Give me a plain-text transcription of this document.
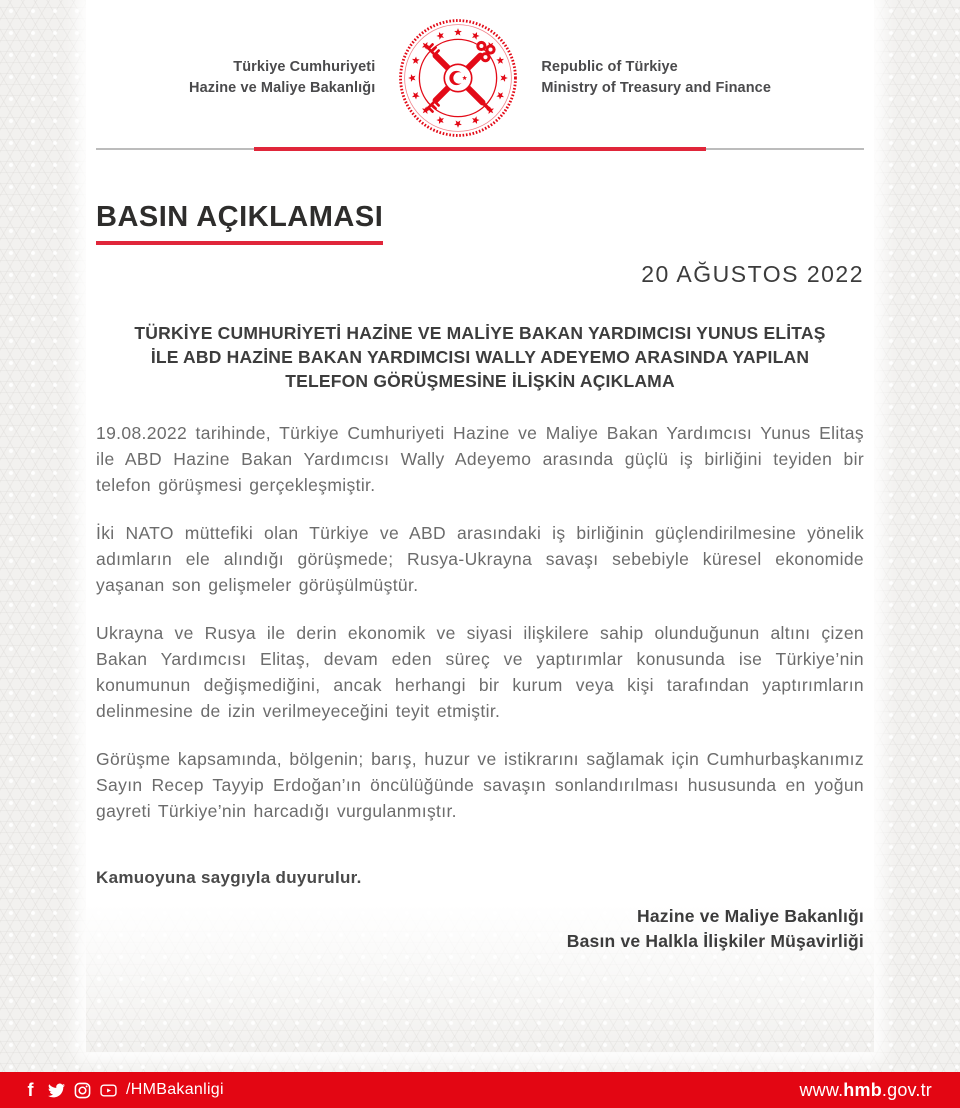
Türkiye Cumhuriyeti
Hazine ve Maliye Bakanlığı
Republic of Türkiye
Ministry of Treasury and Finance
BASIN AÇIKLAMASI
20 AĞUSTOS 2022
TÜRKİYE CUMHURİYETİ HAZİNE VE MALİYE BAKAN YARDIMCISI YUNUS ELİTAŞ
İLE ABD HAZİNE BAKAN YARDIMCISI WALLY ADEYEMO ARASINDA YAPILAN
TELEFON GÖRÜŞMESİNE İLİŞKİN AÇIKLAMA

19.08.2022 tarihinde, Türkiye Cumhuriyeti Hazine ve Maliye Bakan Yardımcısı Yunus Elitaş ile ABD Hazine Bakan Yardımcısı Wally Adeyemo arasında güçlü iş birliğini teyiden bir telefon görüşmesi gerçekleşmiştir.

İki NATO müttefiki olan Türkiye ve ABD arasındaki iş birliğinin güçlendirilmesine yönelik adımların ele alındığı görüşmede; Rusya-Ukrayna savaşı sebebiyle küresel ekonomide yaşanan son gelişmeler görüşülmüştür.

Ukrayna ve Rusya ile derin ekonomik ve siyasi ilişkilere sahip olunduğunun altını çizen Bakan Yardımcısı Elitaş, devam eden süreç ve yaptırımlar konusunda ise Türkiye’nin konumunun değişmediğini, ancak herhangi bir kurum veya kişi tarafından yaptırımların delinmesine de izin verilmeyeceğini teyit etmiştir.

Görüşme kapsamında, bölgenin; barış, huzur ve istikrarını sağlamak için Cumhurbaşkanımız Sayın Recep Tayyip Erdoğan’ın öncülüğünde savaşın sonlandırılması hususunda en yoğun gayreti Türkiye’nin harcadığı vurgulanmıştır.

Kamuoyuna saygıyla duyurulur.
Hazine ve Maliye Bakanlığı
Basın ve Halkla İlişkiler Müşavirliği
f	/HMBakanligi	www.hmb.gov.tr
